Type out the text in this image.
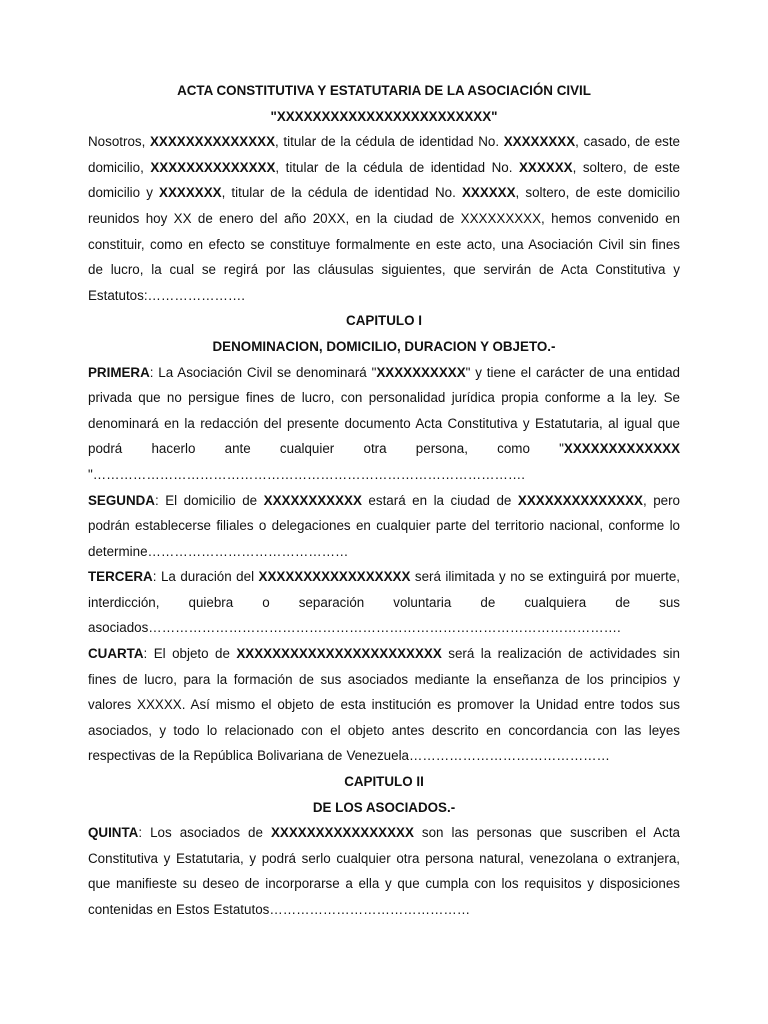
ACTA CONSTITUTIVA Y ESTATUTARIA DE LA ASOCIACIÓN CIVIL

"XXXXXXXXXXXXXXXXXXXXXXXX"

Nosotros, XXXXXXXXXXXXXX, titular de la cédula de identidad No. XXXXXXXX, casado, de este domicilio, XXXXXXXXXXXXXX, titular de la cédula de identidad No. XXXXXX, soltero, de este domicilio y XXXXXXX, titular de la cédula de identidad No. XXXXXX, soltero, de este domicilio reunidos hoy XX de enero del año 20XX, en la ciudad de XXXXXXXXX, hemos convenido en constituir, como en efecto se constituye formalmente en este acto, una Asociación Civil sin fines de lucro, la cual se regirá por las cláusulas siguientes, que servirán de Acta Constitutiva y Estatutos:………………….

CAPITULO I

DENOMINACION, DOMICILIO, DURACION Y OBJETO.-

PRIMERA: La Asociación Civil se denominará "XXXXXXXXXX" y tiene el carácter de una entidad privada que no persigue fines de lucro, con personalidad jurídica propia conforme a la ley. Se denominará en la redacción del presente documento Acta Constitutiva y Estatutaria, al igual que podrá hacerlo ante cualquier otra persona, como "XXXXXXXXXXXXX "…………………………………………………………………………………….

SEGUNDA: El domicilio de XXXXXXXXXXX estará en la ciudad de XXXXXXXXXXXXXX, pero podrán establecerse filiales o delegaciones en cualquier parte del territorio nacional, conforme lo determine………………………………………

TERCERA: La duración del XXXXXXXXXXXXXXXXX será ilimitada y no se extinguirá por muerte, interdicción, quiebra o separación voluntaria de cualquiera de sus asociados…………………………………………………………………………………………….

CUARTA: El objeto de XXXXXXXXXXXXXXXXXXXXXXX será la realización de actividades sin fines de lucro, para la formación de sus asociados mediante la enseñanza de los principios y valores XXXXX. Así mismo el objeto de esta institución es promover la Unidad entre todos sus asociados, y todo lo relacionado con el objeto antes descrito en concordancia con las leyes respectivas de la República Bolivariana de Venezuela………………………………………

CAPITULO II

DE LOS ASOCIADOS.-

QUINTA: Los asociados de XXXXXXXXXXXXXXXX son las personas que suscriben el Acta Constitutiva y Estatutaria, y podrá serlo cualquier otra persona natural, venezolana o extranjera, que manifieste su deseo de incorporarse a ella y que cumpla con los requisitos y disposiciones contenidas en Estos Estatutos………………………………………
